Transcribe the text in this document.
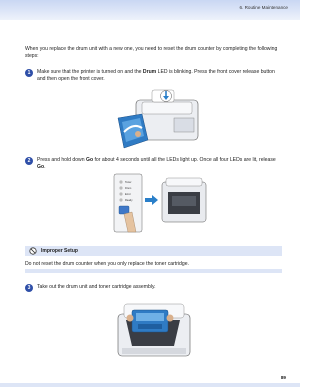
6. Routine Maintenance

When you replace the drum unit with a new one, you need to reset the drum counter by completing the following steps:

1	Make sure that the printer is turned on and the Drum LED is blinking. Press the front cover release button and then open the front cover.

2	Press and hold down Go for about 4 seconds until all the LEDs light up. Once all four LEDs are lit, release Go.

Toner
Drum
Error
Ready
Improper Setup

Do not reset the drum counter when you only replace the toner cartridge.

3	Take out the drum unit and toner cartridge assembly.

89
